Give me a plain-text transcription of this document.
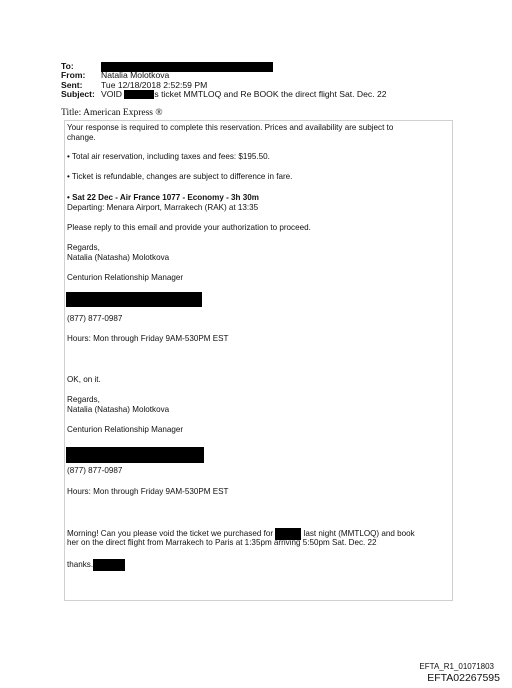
To:
From:	Natalia Molotkova
Sent:	Tue 12/18/2018 2:52:59 PM
Subject: VOID	s ticket MMTLOQ and Re BOOK the direct flight Sat. Dec. 22
Title: American Express ®
Your response is required to complete this reservation. Prices and availability are subject to
change.
• Total air reservation, including taxes and fees: $195.50.
• Ticket is refundable, changes are subject to difference in fare.
• Sat 22 Dec - Air France 1077 - Economy - 3h 30m
Departing: Menara Airport, Marrakech (RAK) at 13:35
Please reply to this email and provide your authorization to proceed.
Regards,
Natalia (Natasha) Molotkova
Centurion Relationship Manager
(877) 877-0987
Hours: Mon through Friday 9AM-530PM EST
OK, on it.
Regards,
Natalia (Natasha) Molotkova
Centurion Relationship Manager
(877) 877-0987
Hours: Mon through Friday 9AM-530PM EST
Morning! Can you please void the ticket we purchased for	last night (MMTLOQ) and book
her on the direct flight from Marrakech to Paris at 1:35pm arriving 5:50pm Sat. Dec. 22
thanks.
EFTA_R1_01071803
EFTA02267595
